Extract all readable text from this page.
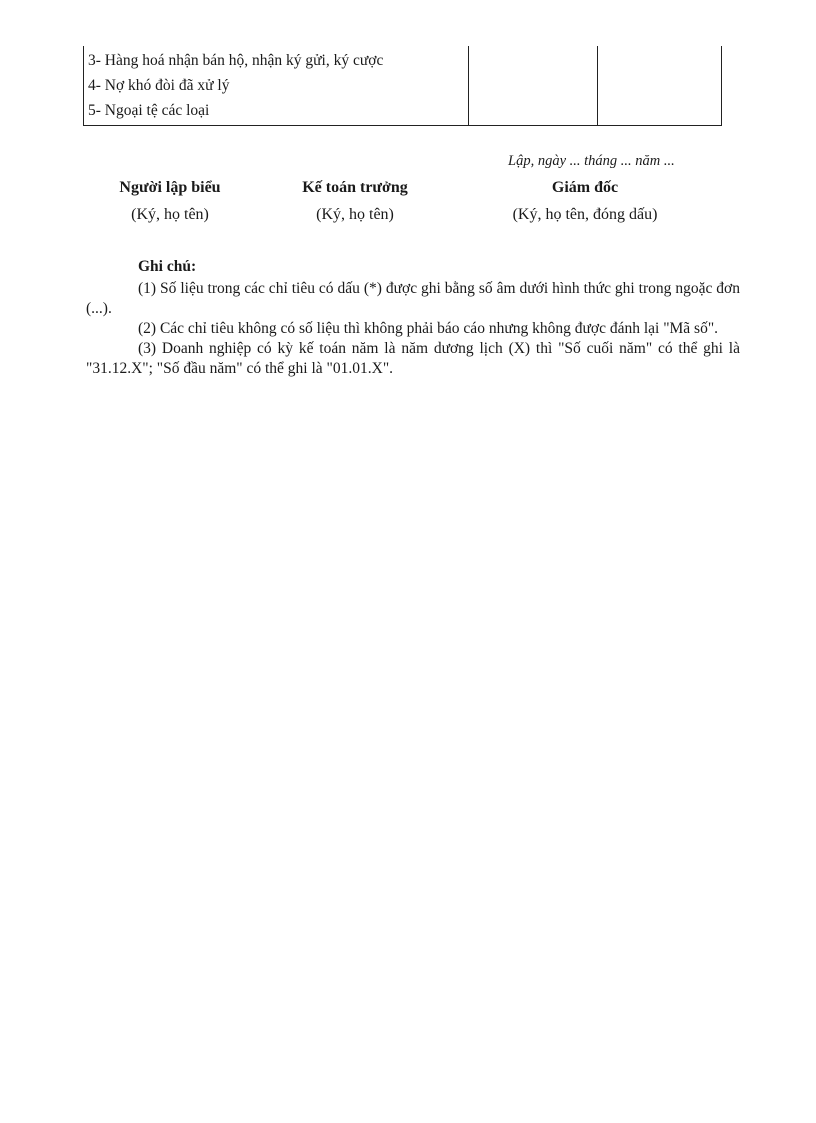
3- Hàng hoá nhận bán hộ, nhận ký gửi, ký cược
4- Nợ khó đòi đã xử lý
5- Ngoại tệ các loại
Lập, ngày ... tháng ... năm ...
Người lập biểu
(Ký, họ tên)
Kế toán trưởng
(Ký, họ tên)
Giám đốc
(Ký, họ tên, đóng dấu)
Ghi chú:

(1) Số liệu trong các chỉ tiêu có dấu (*) được ghi bằng số âm dưới hình thức ghi trong ngoặc đơn (...).

(2) Các chỉ tiêu không có số liệu thì không phải báo cáo nhưng không được đánh lại "Mã số".

(3) Doanh nghiệp có kỳ kế toán năm là năm dương lịch (X) thì "Số cuối năm" có thể ghi là "31.12.X"; "Số đầu năm" có thể ghi là "01.01.X".
